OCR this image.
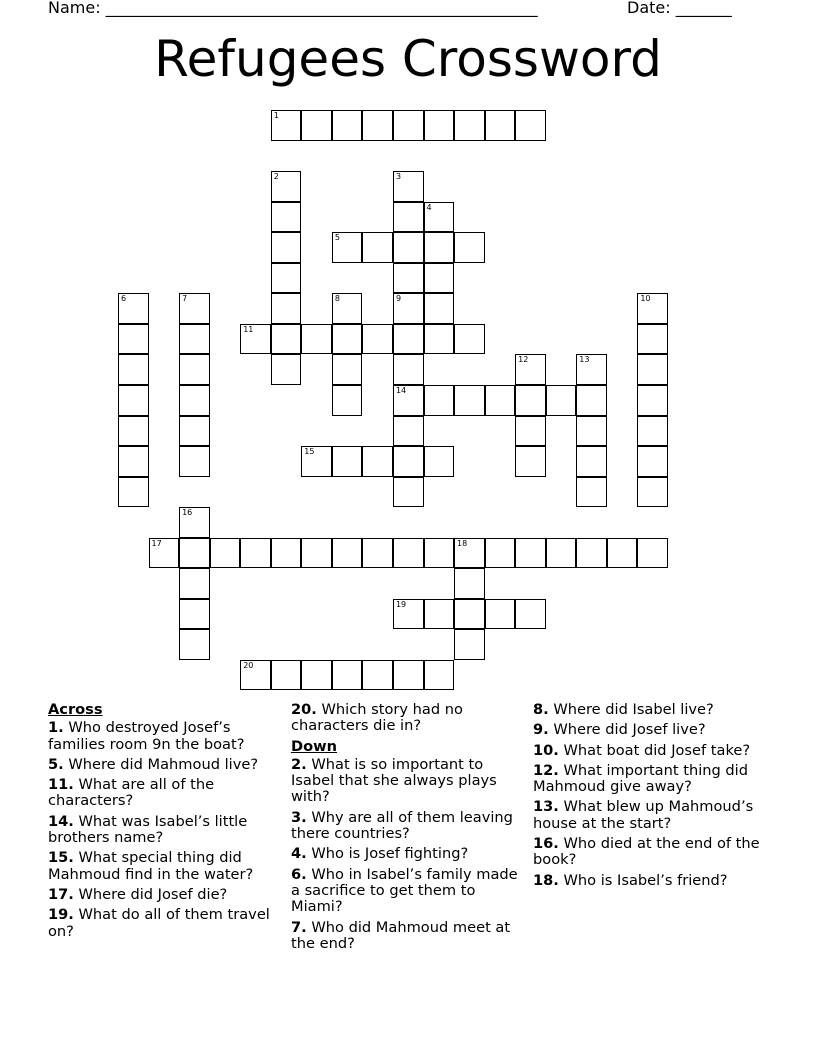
Name: ______________________________________________________	Date: _______
Refugees Crossword
1
2	3
9
14
4
5
6	7	8	10
11
12	13
15
16
17	18
19
20
Across
1. Who destroyed Josef’s families room 9n the boat?
5. Where did Mahmoud live?
11. What are all of the characters?
14. What was Isabel’s little brothers name?
15. What special thing did Mahmoud find in the water?
17. Where did Josef die?
19. What do all of them travel on?
20. Which story had no characters die in?
Down
2. What is so important to Isabel that she always plays with?
3. Why are all of them leaving there countries?
4. Who is Josef fighting?
6. Who in Isabel’s family made a sacrifice to get them to Miami?
7. Who did Mahmoud meet at the end?
8. Where did Isabel live?
9. Where did Josef live?
10. What boat did Josef take?
12. What important thing did Mahmoud give away?
13. What blew up Mahmoud’s house at the start?
16. Who died at the end of the book?
18. Who is Isabel’s friend?
